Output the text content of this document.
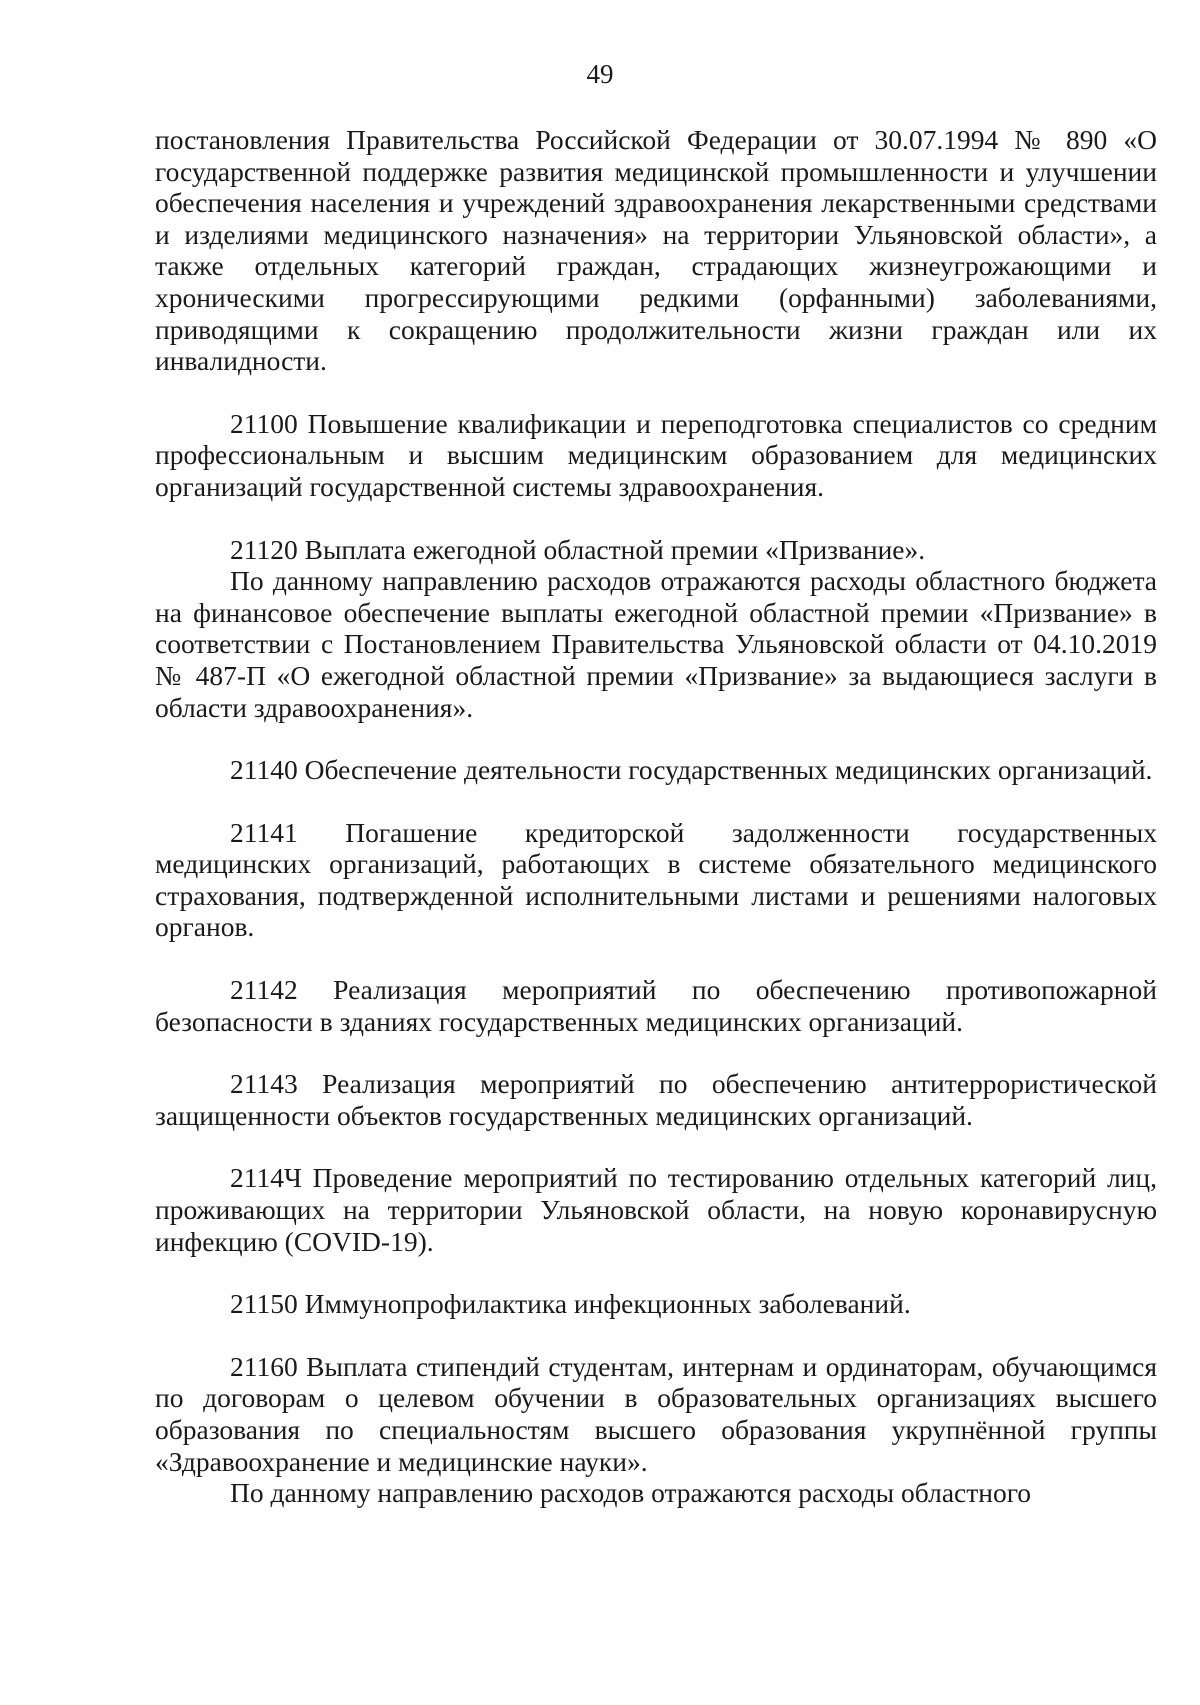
49

постановления Правительства Российской Федерации от 30.07.1994 № 890 «О государственной поддержке развития медицинской промышленности и улучшении обеспечения населения и учреждений здравоохранения лекарственными средствами и изделиями медицинского назначения» на территории Ульяновской области», а также отдельных категорий граждан, страдающих жизнеугрожающими и хроническими прогрессирующими редкими (орфанными) заболеваниями, приводящими к сокращению продолжительности жизни граждан или их инвалидности.

21100 Повышение квалификации и переподготовка специалистов со средним профессиональным и высшим медицинским образованием для медицинских организаций государственной системы здравоохранения.

21120 Выплата ежегодной областной премии «Призвание».

По данному направлению расходов отражаются расходы областного бюджета на финансовое обеспечение выплаты ежегодной областной премии «Призвание» в соответствии с Постановлением Правительства Ульяновской области от 04.10.2019 № 487-П «О ежегодной областной премии «Призвание» за выдающиеся заслуги в области здравоохранения».

21140 Обеспечение деятельности государственных медицинских организаций.

21141 Погашение кредиторской задолженности государственных медицинских организаций, работающих в системе обязательного медицинского страхования, подтвержденной исполнительными листами и решениями налоговых органов.

21142 Реализация мероприятий по обеспечению противопожарной безопасности в зданиях государственных медицинских организаций.

21143 Реализация мероприятий по обеспечению антитеррористической защищенности объектов государственных медицинских организаций.

2114Ч Проведение мероприятий по тестированию отдельных категорий лиц, проживающих на территории Ульяновской области, на новую коронавирусную инфекцию (COVID-19).

21150 Иммунопрофилактика инфекционных заболеваний.

21160 Выплата стипендий студентам, интернам и ординаторам, обучающимся по договорам о целевом обучении в образовательных организациях высшего образования по специальностям высшего образования укрупнённой группы «Здравоохранение и медицинские науки».

По данному направлению расходов отражаются расходы областного
